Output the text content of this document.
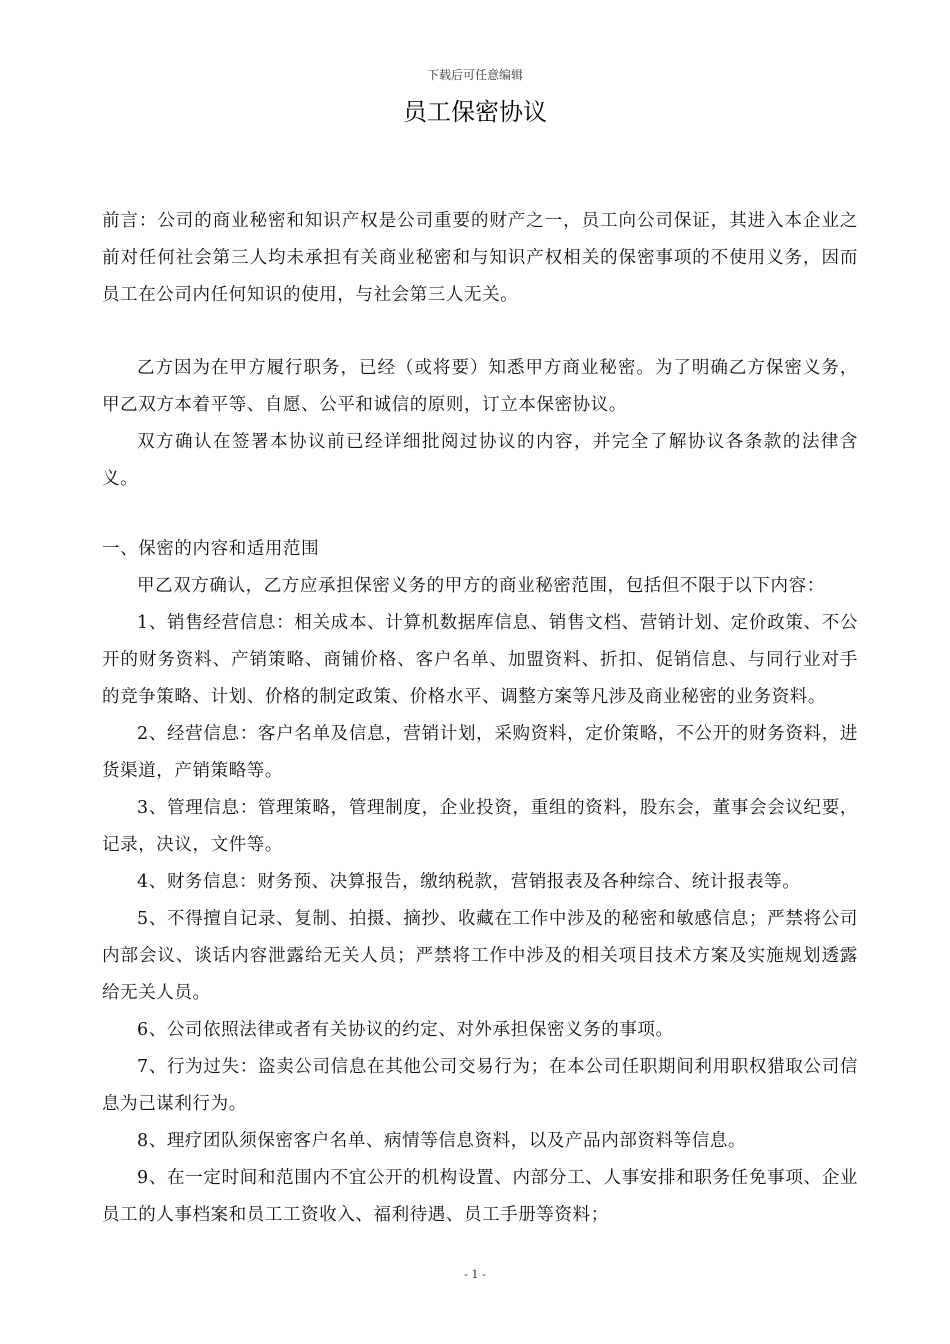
下载后可任意编辑
员工保密协议

前言：公司的商业秘密和知识产权是公司重要的财产之一，员工向公司保证，其进入本企业之前对任何社会第三人均未承担有关商业秘密和与知识产权相关的保密事项的不使用义务，因而员工在公司内任何知识的使用，与社会第三人无关。

乙方因为在甲方履行职务，已经（或将要）知悉甲方商业秘密。为了明确乙方保密义务，甲乙双方本着平等、自愿、公平和诚信的原则，订立本保密协议。

双方确认在签署本协议前已经详细批阅过协议的内容，并完全了解协议各条款的法律含义。

一、保密的内容和适用范围

甲乙双方确认，乙方应承担保密义务的甲方的商业秘密范围，包括但不限于以下内容：

1、销售经营信息：相关成本、计算机数据库信息、销售文档、营销计划、定价政策、不公开的财务资料、产销策略、商铺价格、客户名单、加盟资料、折扣、促销信息、与同行业对手的竞争策略、计划、价格的制定政策、价格水平、调整方案等凡涉及商业秘密的业务资料。

2、经营信息：客户名单及信息，营销计划，采购资料，定价策略，不公开的财务资料，进货渠道，产销策略等。

3、管理信息：管理策略，管理制度，企业投资，重组的资料，股东会，董事会会议纪要，记录，决议，文件等。

4、财务信息：财务预、决算报告，缴纳税款，营销报表及各种综合、统计报表等。

5、不得擅自记录、复制、拍摄、摘抄、收藏在工作中涉及的秘密和敏感信息；严禁将公司内部会议、谈话内容泄露给无关人员；严禁将工作中涉及的相关项目技术方案及实施规划透露给无关人员。

6、公司依照法律或者有关协议的约定、对外承担保密义务的事项。

7、行为过失：盗卖公司信息在其他公司交易行为；在本公司任职期间利用职权猎取公司信息为己谋利行为。

8、理疗团队须保密客户名单、病情等信息资料，以及产品内部资料等信息。

9、在一定时间和范围内不宜公开的机构设置、内部分工、人事安排和职务任免事项、企业员工的人事档案和员工工资收入、福利待遇、员工手册等资料；

- 1 -
